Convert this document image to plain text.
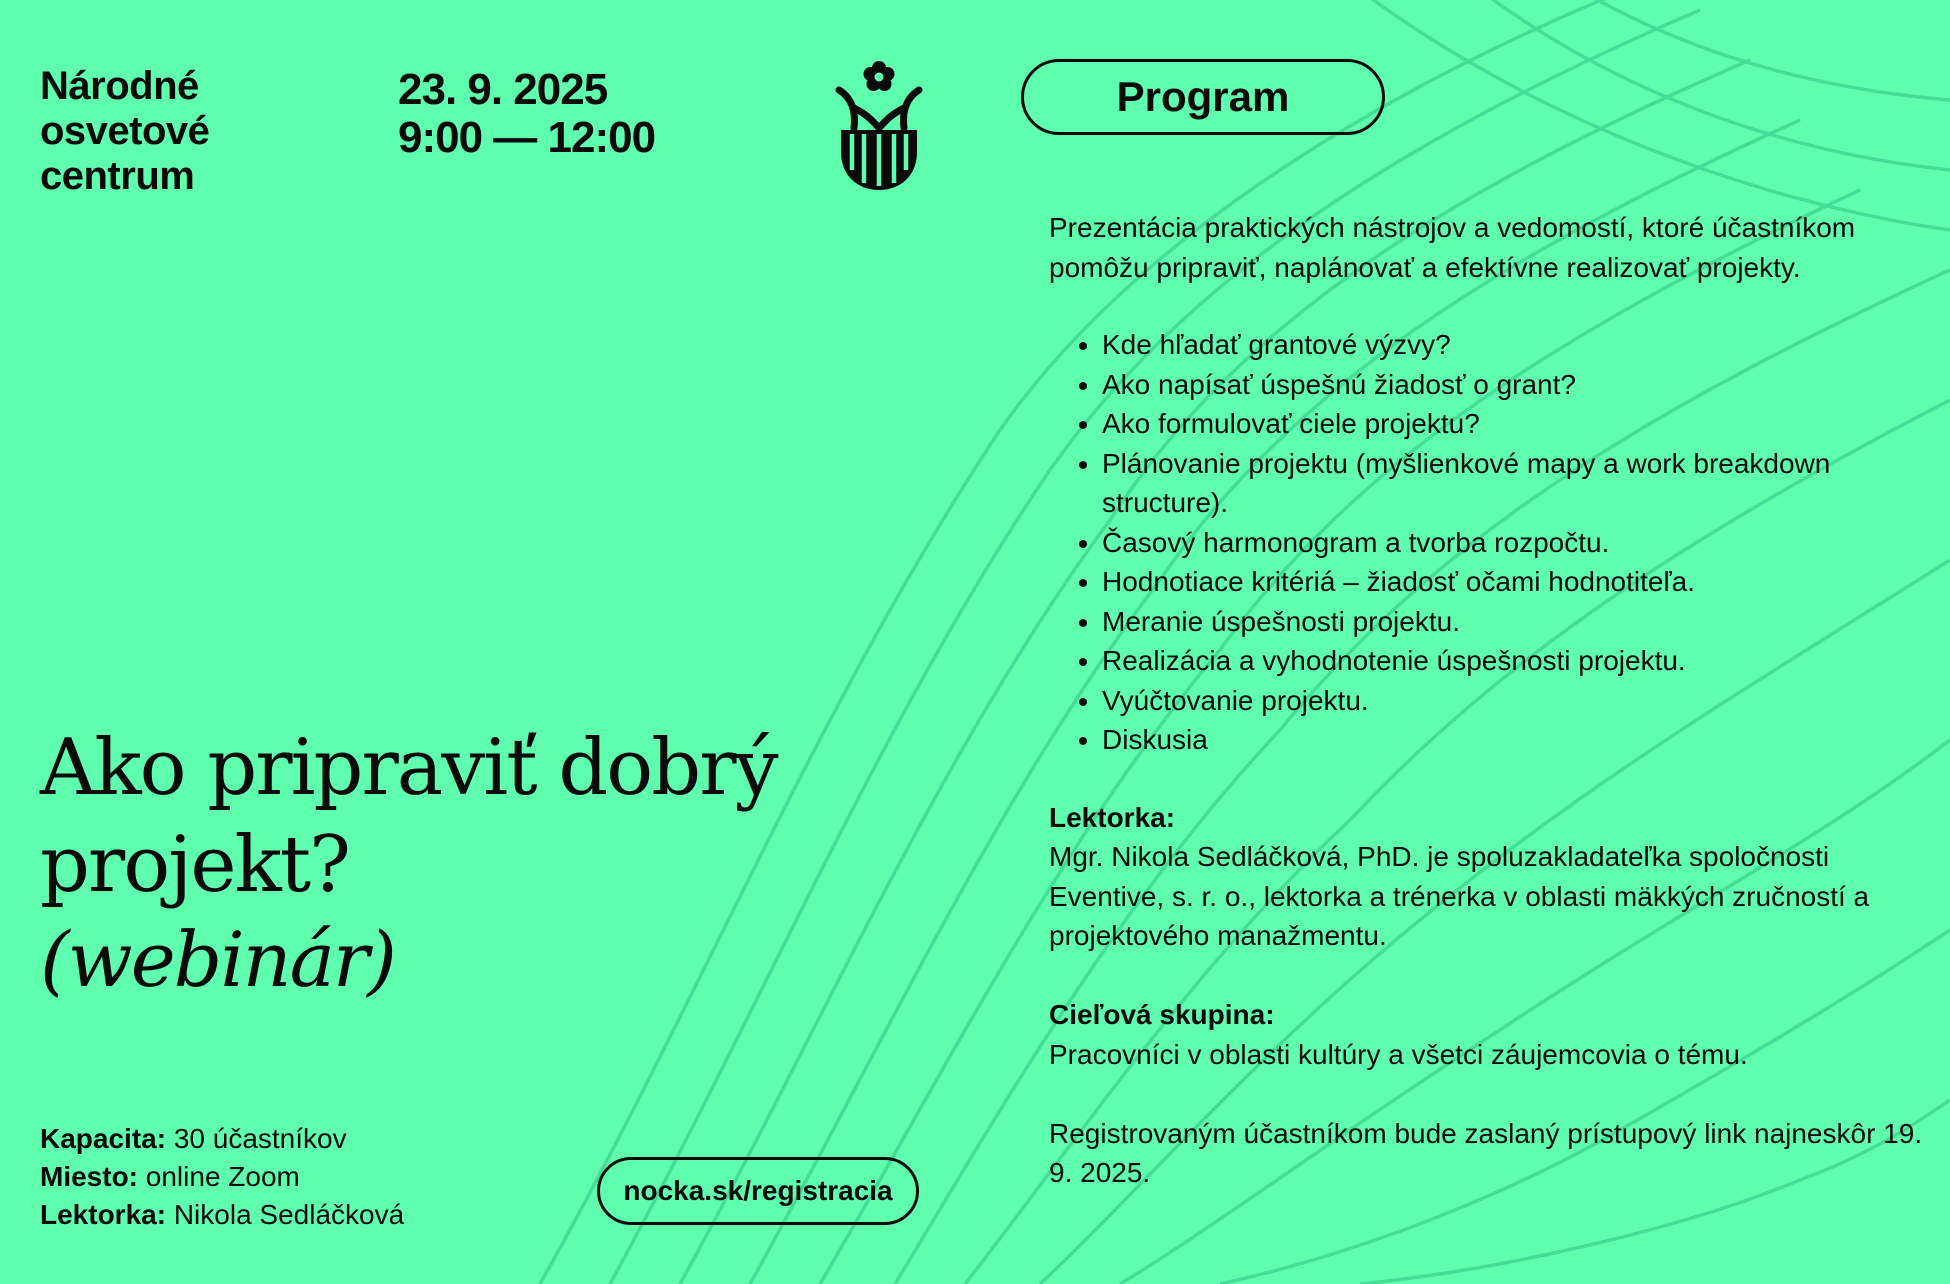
Národné
osvetové
centrum
23. 9. 2025
9:00 — 12:00
Program
Ako pripraviť dobrý
projekt?
(webinár)
Kapacita: 30 účastníkov
Miesto: online Zoom
Lektorka: Nikola Sedláčková
nocka.sk/registracia

Prezentácia praktických nástrojov a vedomostí, ktoré účastníkom pomôžu pripraviť, naplánovať a efektívne realizovať projekty.

• Kde hľadať grantové výzvy?
• Ako napísať úspešnú žiadosť o grant?
• Ako formulovať ciele projektu?
• Plánovanie projektu (myšlienkové mapy a work breakdown structure).
• Časový harmonogram a tvorba rozpočtu.
• Hodnotiace kritériá – žiadosť očami hodnotiteľa.
• Meranie úspešnosti projektu.
• Realizácia a vyhodnotenie úspešnosti projektu.
• Vyúčtovanie projektu.
• Diskusia

Lektorka:

Mgr. Nikola Sedláčková, PhD. je spoluzakladateľka spoločnosti Eventive, s. r. o., lektorka a trénerka v oblasti mäkkých zručností a projektového manažmentu.

Cieľová skupina:

Pracovníci v oblasti kultúry a všetci záujemcovia o tému.

Registrovaným účastníkom bude zaslaný prístupový link najneskôr 19. 9. 2025.
